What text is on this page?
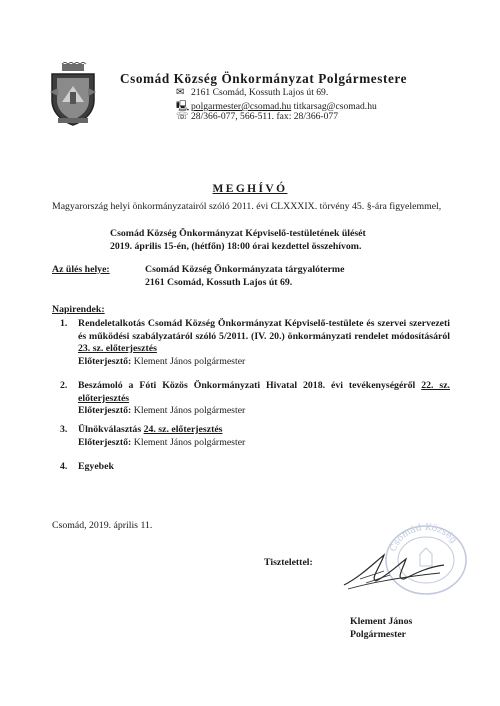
Csomád Község Önkormányzat Polgármestere
✉ 2161 Csomád, Kossuth Lajos út 69.
🖳 polgarmester@csomad.hu titkarsag@csomad.hu
☏ 28/366-077, 566-511. fax: 28/366-077
MEGHÍVÓ
Magyarország helyi önkormányzatairól szóló 2011. évi CLXXXIX. törvény 45. §-ára figyelemmel,
Csomád Község Önkormányzat Képviselő-testületének ülését
2019. április 15-én, (hétfőn) 18:00 órai kezdettel összehívom.
Az ülés helye:	Csomád Község Önkormányzata tárgyalóterme
2161 Csomád, Kossuth Lajos út 69.
Napirendek:
1. Rendeletalkotás Csomád Község Önkormányzat Képviselő-testülete és szervei szervezeti és működési szabályzatáról szóló 5/2011. (IV. 20.) önkormányzati rendelet módosításáról 23. sz. előterjesztés
Előterjesztő: Klement János polgármester
2. Beszámoló a Fóti Közös Önkormányzati Hivatal 2018. évi tevékenységéről 22. sz. előterjesztés
Előterjesztő: Klement János polgármester
3. Ülnökválasztás 24. sz. előterjesztés
Előterjesztő: Klement János polgármester
4. Egyebek
Csomád, 2019. április 11.
Tisztelettel:
Csomád Község
Klement János
Polgármester
